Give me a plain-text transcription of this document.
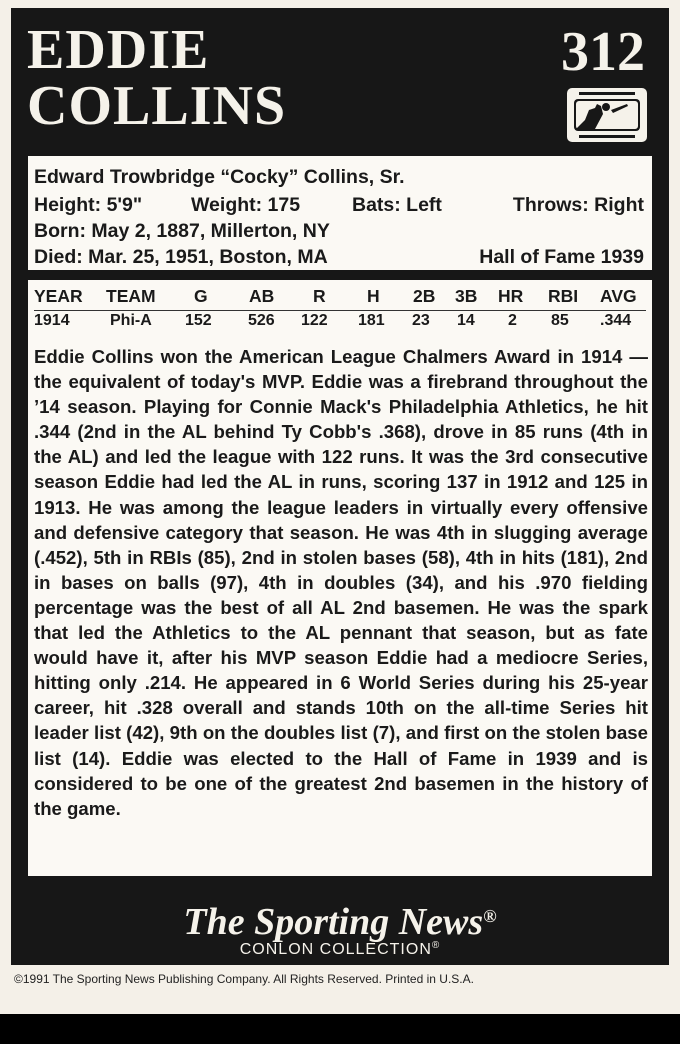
EDDIE
COLLINS
312
Edward Trowbridge “Cocky” Collins, Sr.
Height: 5'9"	Weight: 175	Bats: Left	Throws: Right
Born: May 2, 1887, Millerton, NY
Died: Mar. 25, 1951, Boston, MA	Hall of Fame 1939
YEAR TEAM G AB R H 2B 3B HR RBI AVG
1914	Phi-A 152 526 122 181 23 14 2 85 .344

Eddie Collins won the American League Chalmers Award in 1914 — the equivalent of today's MVP. Eddie was a firebrand throughout the ’14 season. Playing for Connie Mack's Philadelphia Athletics, he hit .344 (2nd in the AL behind Ty Cobb's .368), drove in 85 runs (4th in the AL) and led the league with 122 runs. It was the 3rd consecutive season Eddie had led the AL in runs, scoring 137 in 1912 and 125 in 1913. He was among the league leaders in virtually every offensive and defensive category that season. He was 4th in slugging average (.452), 5th in RBIs (85), 2nd in stolen bases (58), 4th in hits (181), 2nd in bases on balls (97), 4th in doubles (34), and his .970 fielding percentage was the best of all AL 2nd basemen. He was the spark that led the Athletics to the AL pennant that season, but as fate would have it, after his MVP season Eddie had a mediocre Series, hitting only .214. He appeared in 6 World Series during his 25-year career, hit .328 overall and stands 10th on the all-time Series hit leader list (42), 9th on the doubles list (7), and first on the stolen base list (14). Eddie was elected to the Hall of Fame in 1939 and is considered to be one of the greatest 2nd basemen in the history of the game.

The Sporting News®
CONLON COLLECTION®
©1991 The Sporting News Publishing Company. All Rights Reserved. Printed in U.S.A.
